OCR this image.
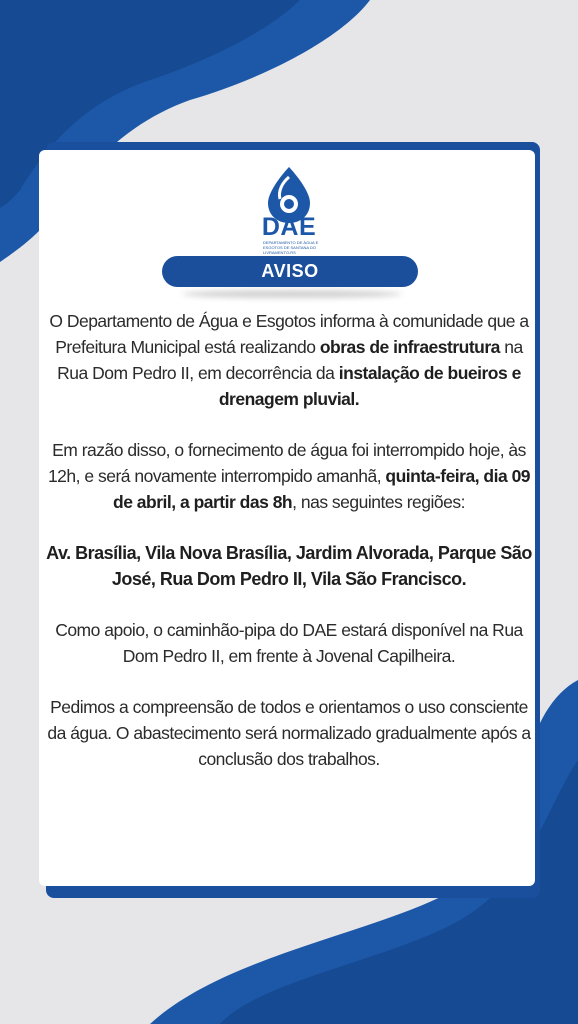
DAE
DEPARTAMENTO DE ÁGUA E ESGOTOS DE SANTANA DO LIVRAMENTO-RS
AVISO

O Departamento de Água e Esgotos informa à comunidade que a Prefeitura Municipal está realizando obras de infraestrutura na Rua Dom Pedro II, em decorrência da instalação de bueiros e drenagem pluvial.

Em razão disso, o fornecimento de água foi interrompido hoje, às 12h, e será novamente interrompido amanhã, quinta-feira, dia 09 de abril, a partir das 8h, nas seguintes regiões:

Av. Brasília, Vila Nova Brasília, Jardim Alvorada, Parque São José, Rua Dom Pedro II, Vila São Francisco.

Como apoio, o caminhão-pipa do DAE estará disponível na Rua Dom Pedro II, em frente à Jovenal Capilheira.

Pedimos a compreensão de todos e orientamos o uso consciente da água. O abastecimento será normalizado gradualmente após a conclusão dos trabalhos.
